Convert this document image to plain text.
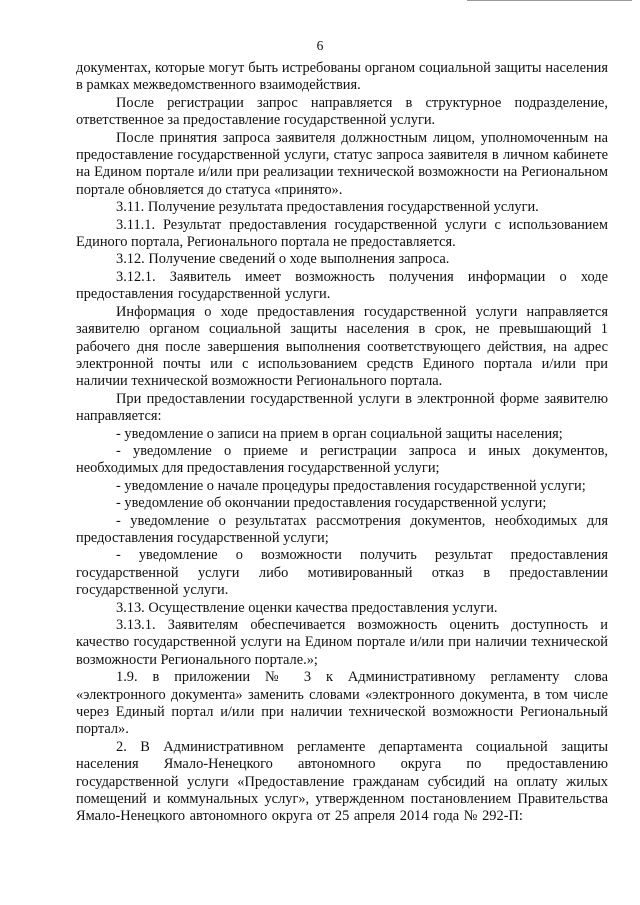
6

документах, которые могут быть истребованы органом социальной защиты населения в рамках межведомственного взаимодействия.

После регистрации запрос направляется в структурное подразделение, ответственное за предоставление государственной услуги.

После принятия запроса заявителя должностным лицом, уполномоченным на предоставление государственной услуги, статус запроса заявителя в личном кабинете на Едином портале и/или при реализации технической возможности на Региональном портале обновляется до статуса «принято».

3.11. Получение результата предоставления государственной услуги.

3.11.1. Результат предоставления государственной услуги с использованием Единого портала, Регионального портала не предоставляется.

3.12. Получение сведений о ходе выполнения запроса.

3.12.1. Заявитель имеет возможность получения информации о ходе предоставления государственной услуги.

Информация о ходе предоставления государственной услуги направляется заявителю органом социальной защиты населения в срок, не превышающий 1 рабочего дня после завершения выполнения соответствующего действия, на адрес электронной почты или с использованием средств Единого портала и/или при наличии технической возможности Регионального портала.

При предоставлении государственной услуги в электронной форме заявителю направляется:

- уведомление о записи на прием в орган социальной защиты населения;

- уведомление о приеме и регистрации запроса и иных документов, необходимых для предоставления государственной услуги;

- уведомление о начале процедуры предоставления государственной услуги;

- уведомление об окончании предоставления государственной услуги;

- уведомление о результатах рассмотрения документов, необходимых для предоставления государственной услуги;

- уведомление о возможности получить результат предоставления государственной услуги либо мотивированный отказ в предоставлении государственной услуги.

3.13. Осуществление оценки качества предоставления услуги.

3.13.1. Заявителям обеспечивается возможность оценить доступность и качество государственной услуги на Едином портале и/или при наличии технической возможности Регионального портале.»;

1.9. в приложении № 3 к Административному регламенту слова «электронного документа» заменить словами «электронного документа, в том числе через Единый портал и/или при наличии технической возможности Региональный портал».

2. В Административном регламенте департамента социальной защиты населения Ямало-Ненецкого автономного округа по предоставлению государственной услуги «Предоставление гражданам субсидий на оплату жилых помещений и коммунальных услуг», утвержденном постановлением Правительства Ямало-Ненецкого автономного округа от 25 апреля 2014 года № 292-П:
